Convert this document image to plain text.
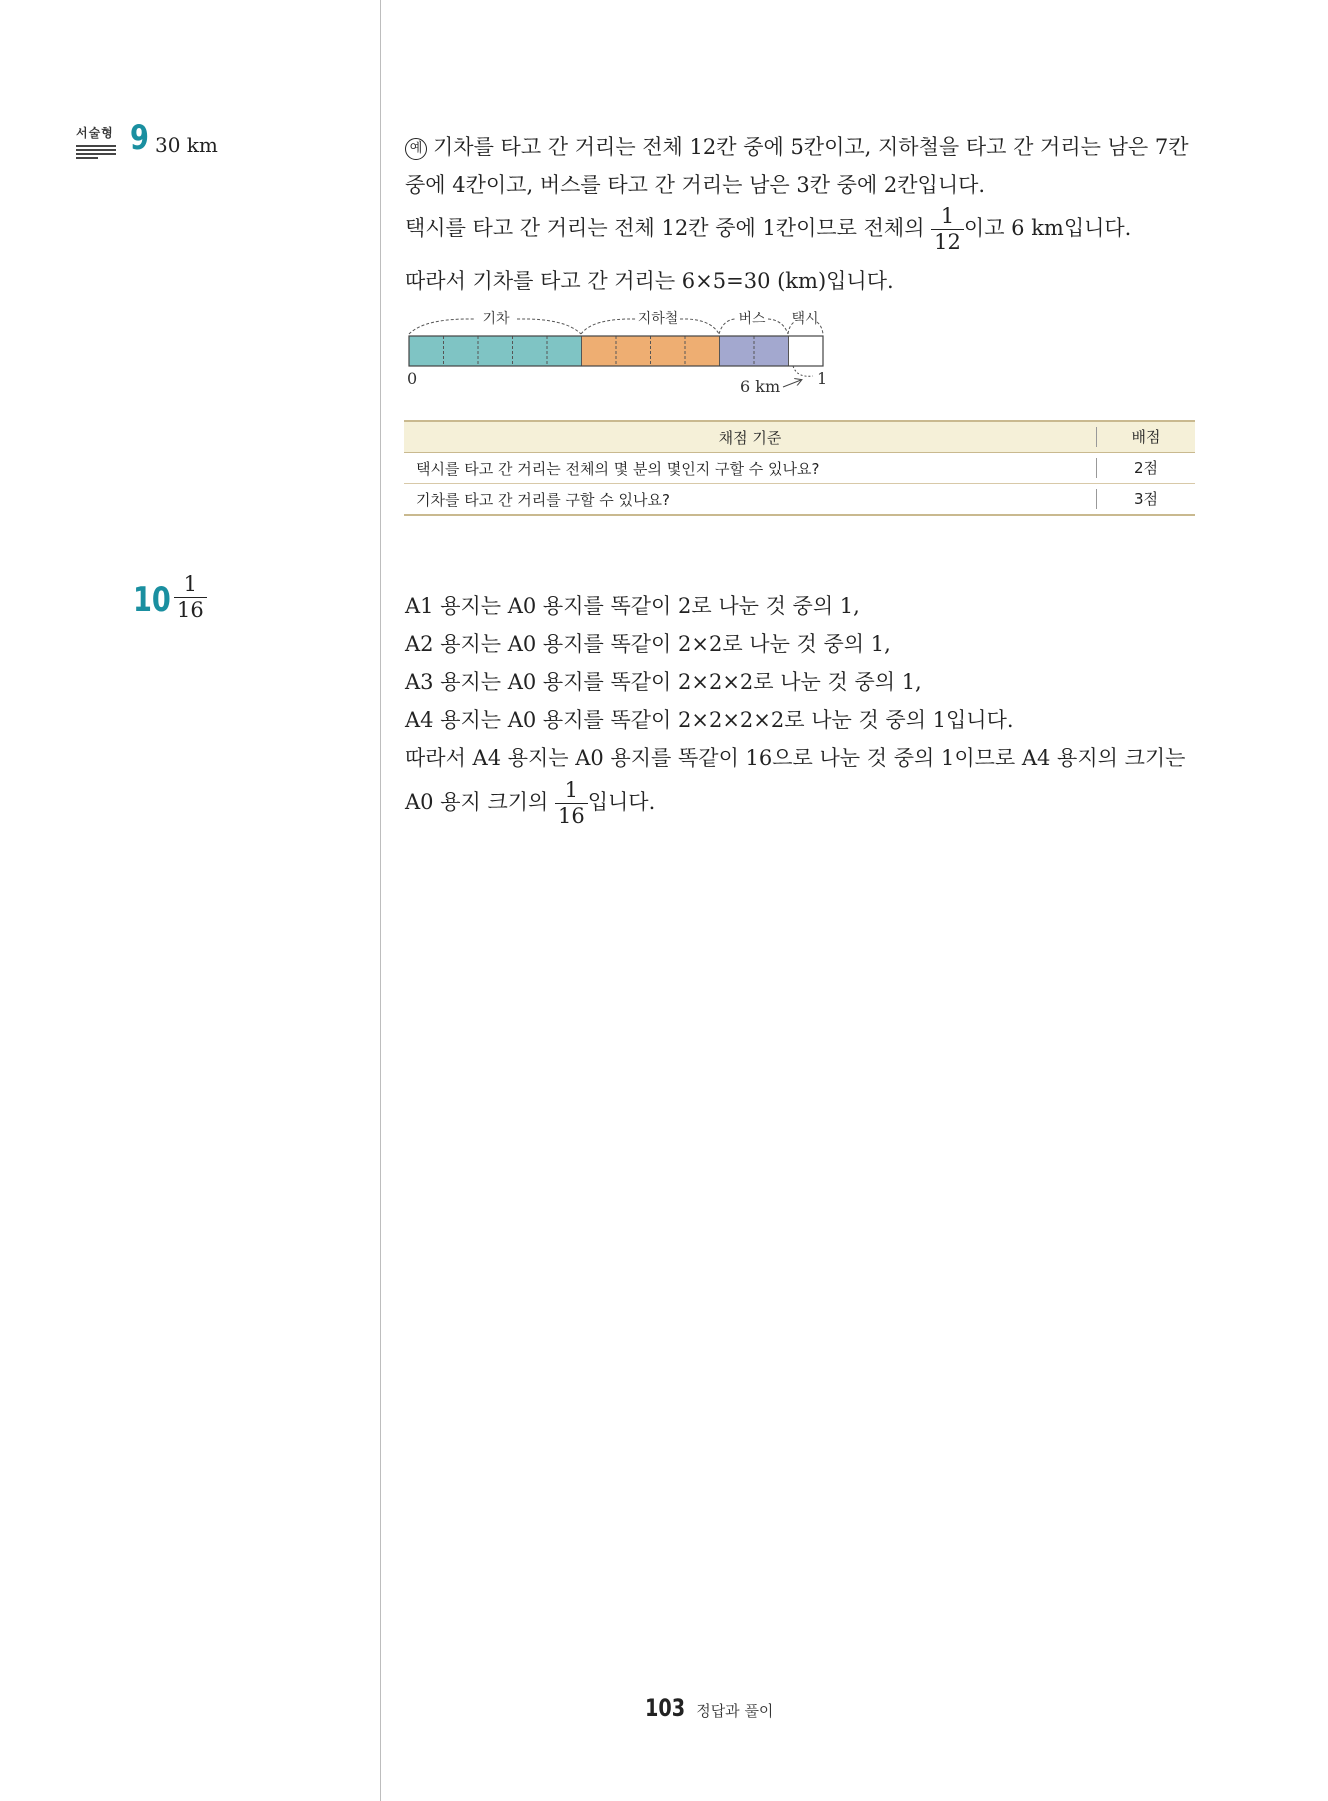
서술형 9 30 km
$10 \frac{1}{16}$
예 기차를 타고 간 거리는 전체 12칸 중에 5칸이고, 지하철을 타고 간 거리는 남은 7칸
중에 4칸이고, 버스를 타고 간 거리는 남은 3칸 중에 2칸입니다.
택시를 타고 간 거리는 전체 12칸 중에 1칸이므로 전체의 $\frac{1}{12}$ 이고 6 km입니다.
따라서 기차를 타고 간 거리는 6×5=30 (km)입니다.
기차	지하철	버스 택시
0	1
6 km
채점 기준	배점
택시를 타고 간 거리는 전체의 몇 분의 몇인지 구할 수 있나요?	2점
기차를 타고 간 거리를 구할 수 있나요?	3점
A1 용지는 A0 용지를 똑같이 2로 나눈 것 중의 1,
A2 용지는 A0 용지를 똑같이 2×2로 나눈 것 중의 1,
A3 용지는 A0 용지를 똑같이 2×2×2로 나눈 것 중의 1,
A4 용지는 A0 용지를 똑같이 2×2×2×2로 나눈 것 중의 1입니다.
따라서 A4 용지는 A0 용지를 똑같이 16으로 나눈 것 중의 1이므로 A4 용지의 크기는
A0 용지 크기의 $\frac{1}{16}$ 입니다.
103 정답과 풀이
